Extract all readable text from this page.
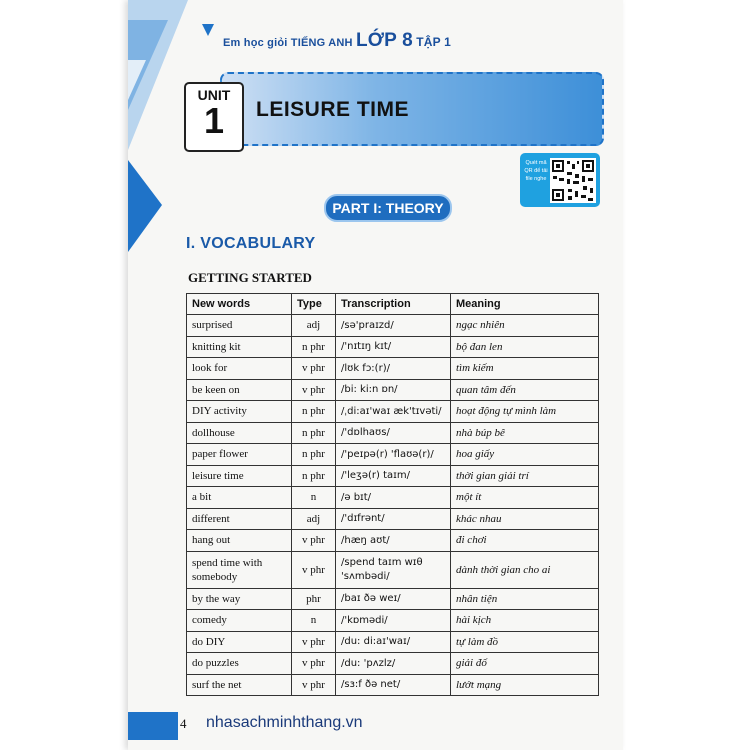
Em học giỏi TIẾNG ANH LỚP 8 TẬP 1
UNIT
1	LEISURE TIME
Quét mã QR để tải file nghe
PART I: THEORY
I. VOCABULARY
GETTING STARTED
New words	Type	Transcription	Meaning
surprised	adj	/sə'praɪzd/	ngạc nhiên
knitting kit	n phr	/'nɪtɪŋ kɪt/	bộ đan len
look for	v phr	/lʊk fɔ:(r)/	tìm kiếm
be keen on	v phr	/bi: ki:n ɒn/	quan tâm đến
DIY activity	n phr	/ˌdi:aɪ'waɪ æk'tɪvəti/	hoạt động tự mình làm
dollhouse	n phr	/'dɒlhaʊs/	nhà búp bê
paper flower	n phr	/'peɪpə(r) 'flaʊə(r)/	hoa giấy
leisure time	n phr	/'leʒə(r) taɪm/	thời gian giải trí
a bit	n	/ə bɪt/	một ít
different	adj	/'dɪfrənt/	khác nhau
hang out	v phr	/hæŋ aʊt/	đi chơi
spend time with somebody	v phr	/spend taɪm wɪθ 'sʌmbədi/	dành thời gian cho ai
by the way	phr	/baɪ ðə weɪ/	nhân tiện
comedy	n	/'kɒmədi/	hài kịch
do DIY	v phr	/du: di:aɪ'waɪ/	tự làm đồ
do puzzles	v phr	/du: 'pʌzlz/	giải đố
surf the net	v phr	/sɜ:f ðə net/	lướt mạng
4 nhasachminhthang.vn
